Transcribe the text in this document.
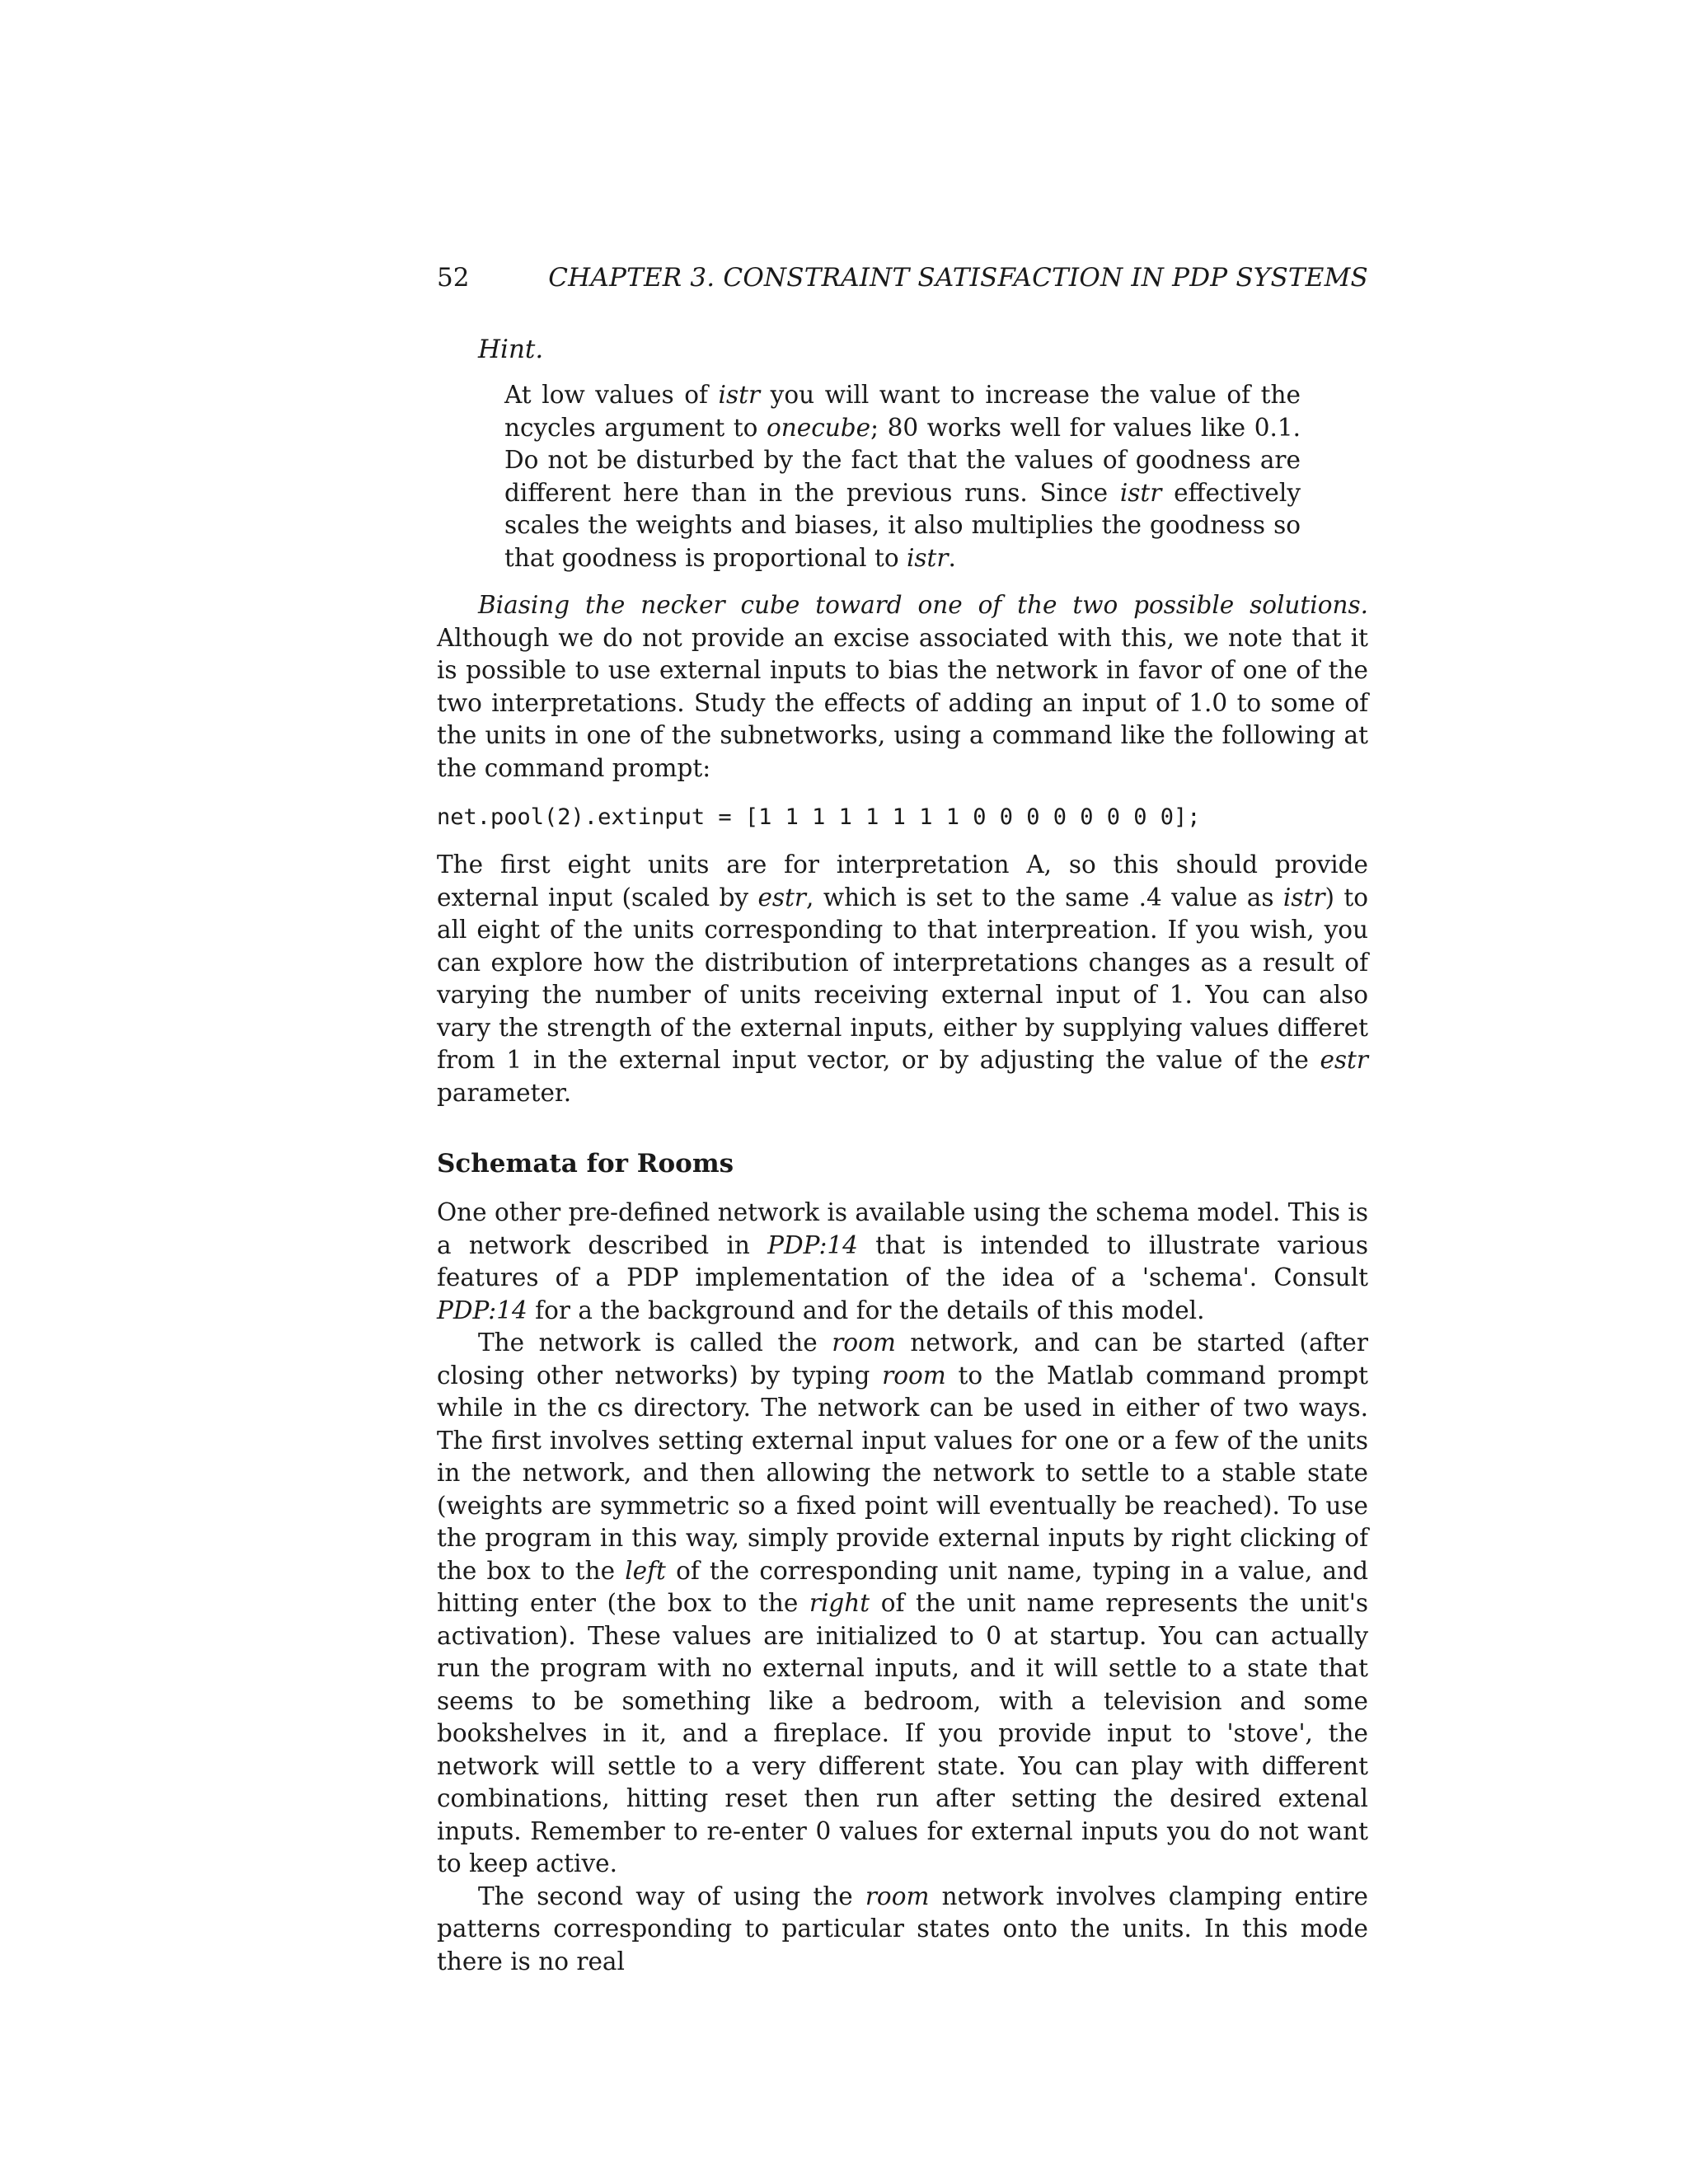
52	CHAPTER 3. CONSTRAINT SATISFACTION IN PDP SYSTEMS
Hint.
At low values of istr you will want to increase the value of the ncycles argument to onecube; 80 works well for values like 0.1. Do not be disturbed by the fact that the values of goodness are different here than in the previous runs. Since istr effectively scales the weights and biases, it also multiplies the goodness so that goodness is proportional to istr.

Biasing the necker cube toward one of the two possible solutions. Although we do not provide an excise associated with this, we note that it is possible to use external inputs to bias the network in favor of one of the two interpretations. Study the effects of adding an input of 1.0 to some of the units in one of the subnetworks, using a command like the following at the command prompt:

net.pool(2).extinput = [1 1 1 1 1 1 1 1 0 0 0 0 0 0 0 0];

The first eight units are for interpretation A, so this should provide external input (scaled by estr, which is set to the same .4 value as istr) to all eight of the units corresponding to that interpreation. If you wish, you can explore how the distribution of interpretations changes as a result of varying the number of units receiving external input of 1. You can also vary the strength of the external inputs, either by supplying values differet from 1 in the external input vector, or by adjusting the value of the estr parameter.

Schemata for Rooms

One other pre-defined network is available using the schema model. This is a network described in PDP:14 that is intended to illustrate various features of a PDP implementation of the idea of a 'schema'. Consult PDP:14 for a the background and for the details of this model.

The network is called the room network, and can be started (after closing other networks) by typing room to the Matlab command prompt while in the cs directory. The network can be used in either of two ways. The first involves setting external input values for one or a few of the units in the network, and then allowing the network to settle to a stable state (weights are symmetric so a fixed point will eventually be reached). To use the program in this way, simply provide external inputs by right clicking of the box to the left of the corresponding unit name, typing in a value, and hitting enter (the box to the right of the unit name represents the unit's activation). These values are initialized to 0 at startup. You can actually run the program with no external inputs, and it will settle to a state that seems to be something like a bedroom, with a television and some bookshelves in it, and a fireplace. If you provide input to 'stove', the network will settle to a very different state. You can play with different combinations, hitting reset then run after setting the desired extenal inputs. Remember to re-enter 0 values for external inputs you do not want to keep active.

The second way of using the room network involves clamping entire patterns corresponding to particular states onto the units. In this mode there is no real
